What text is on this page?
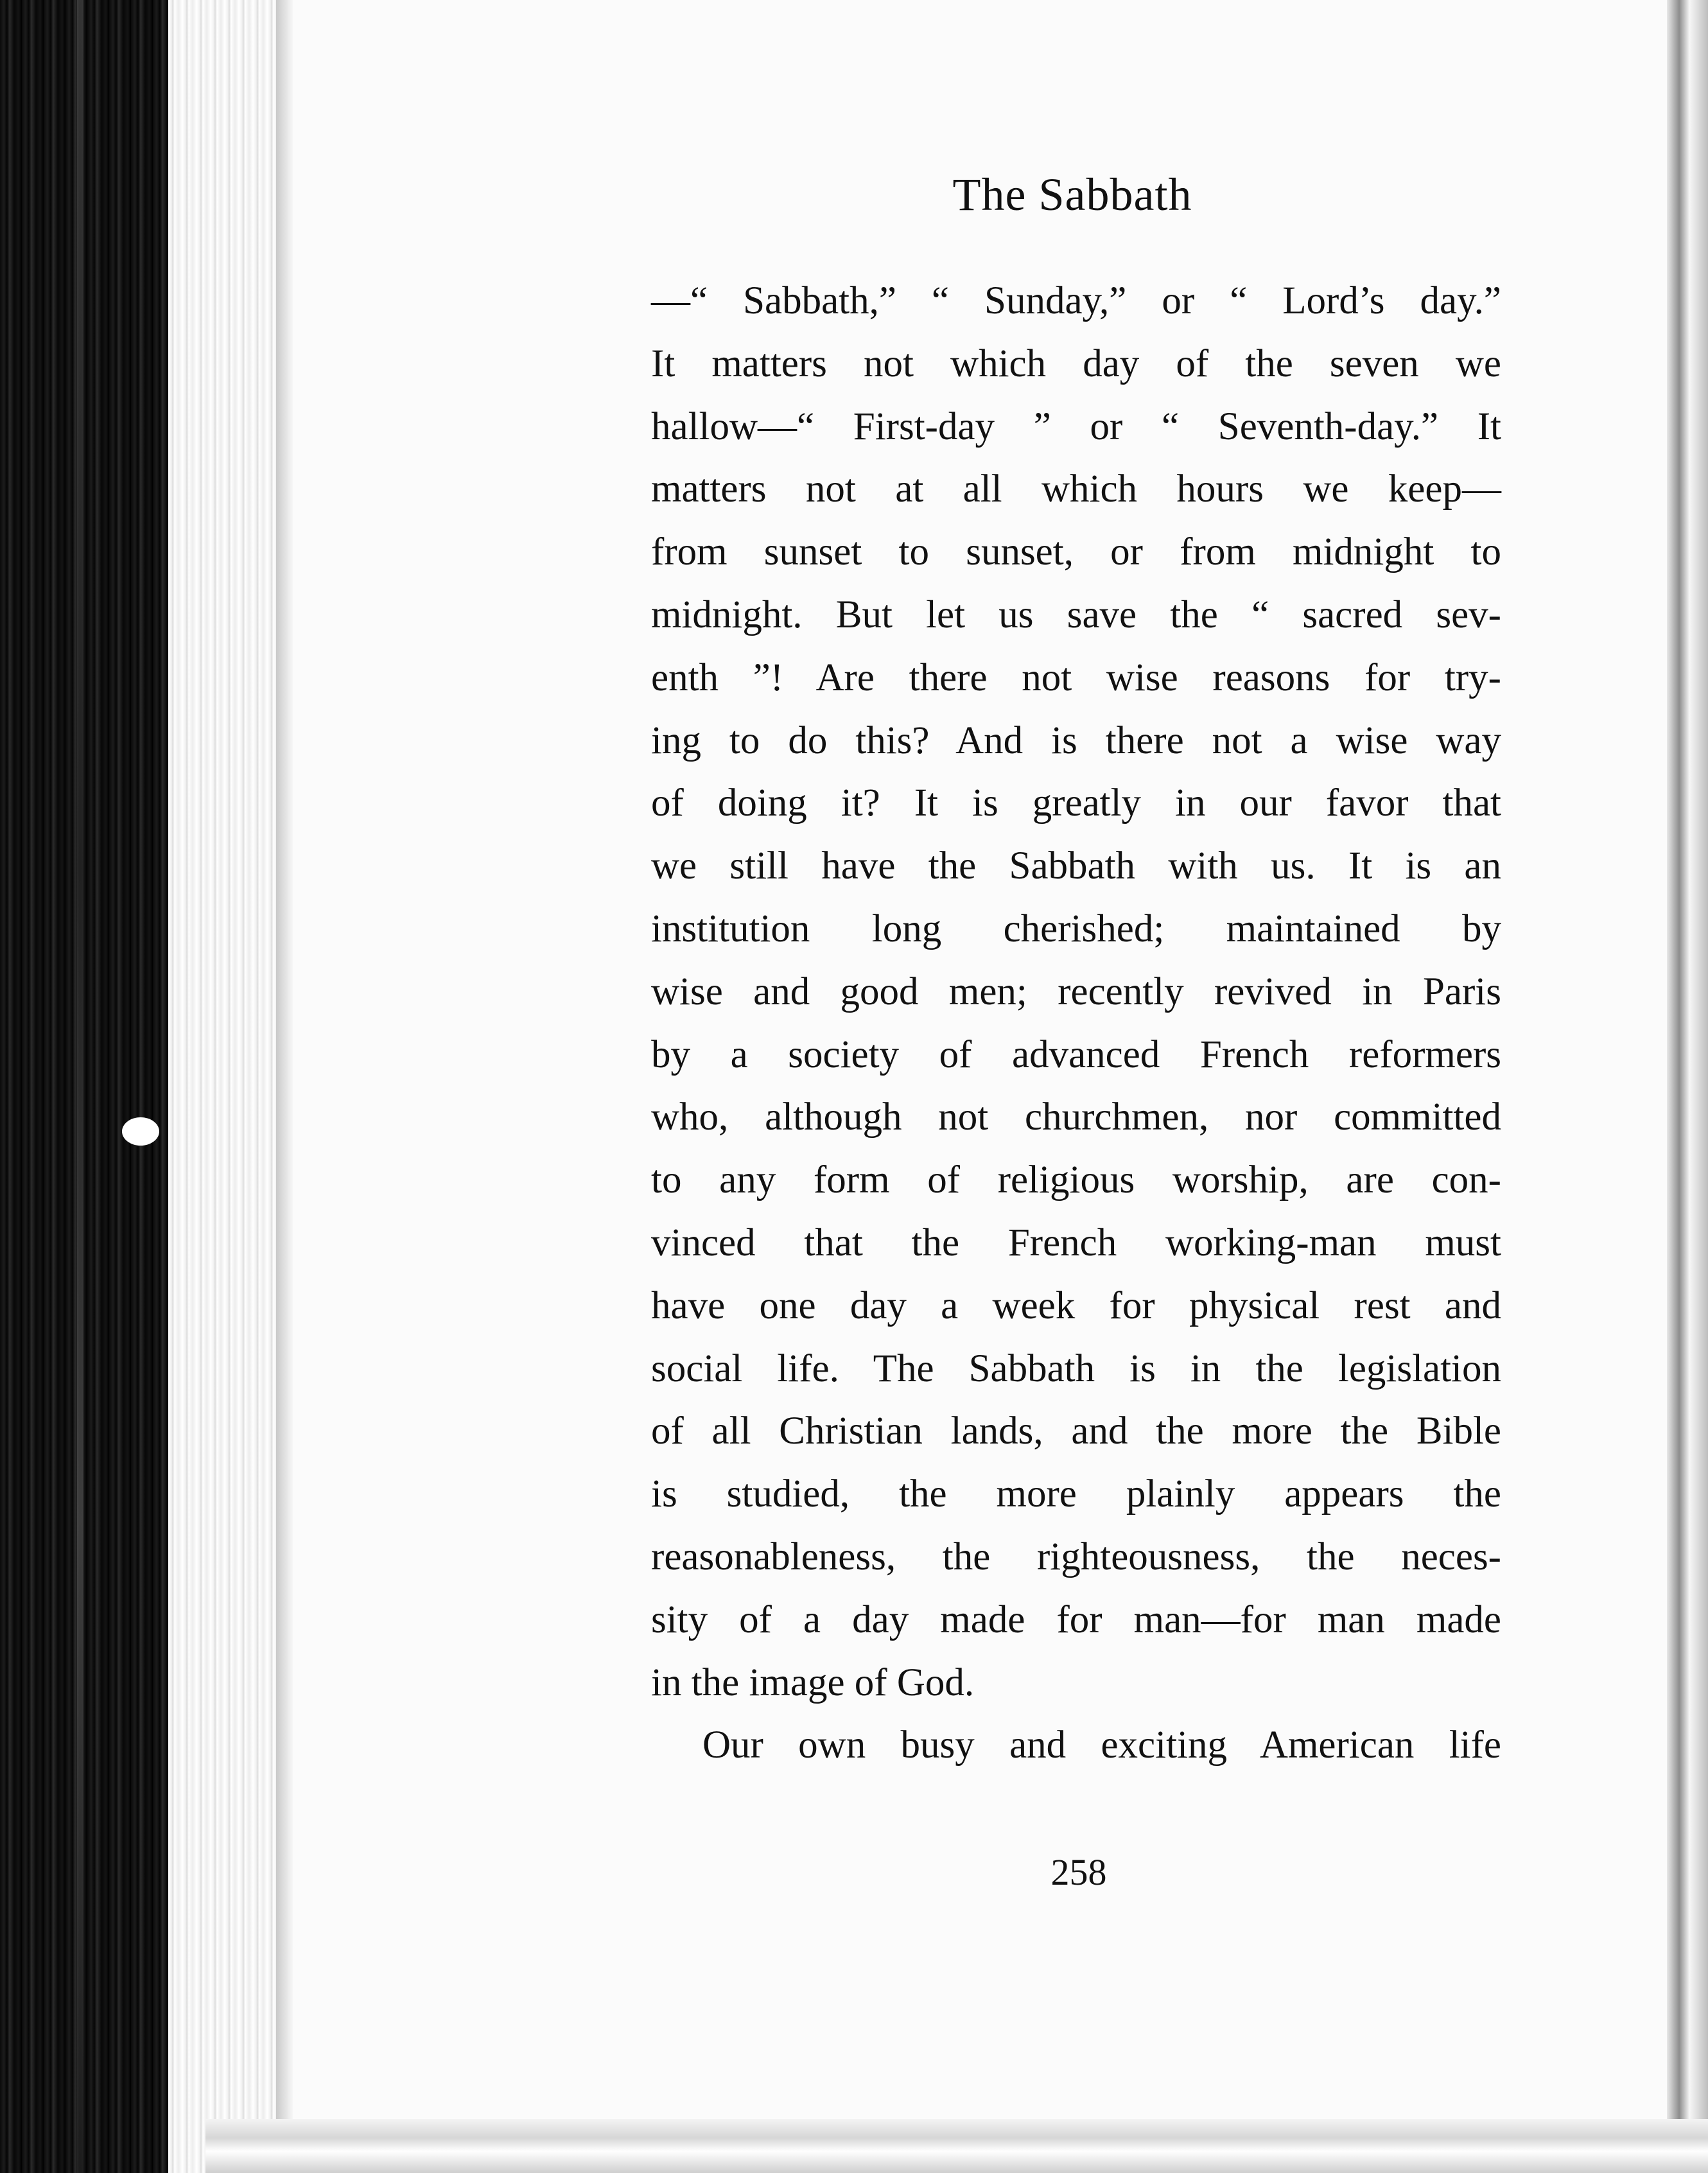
The Sabbath
—“ Sabbath,” “ Sunday,” or “ Lord’s day.”
It matters not which day of the seven we
hallow—“ First-day ” or “ Seventh-day.” It
matters not at all which hours we keep—
from sunset to sunset, or from midnight to
midnight. But let us save the “ sacred sev-
enth ”! Are there not wise reasons for try-
ing to do this? And is there not a wise way
of doing it? It is greatly in our favor that
we still have the Sabbath with us. It is an
institution long cherished; maintained by
wise and good men; recently revived in Paris
by a society of advanced French reformers
who, although not churchmen, nor committed
to any form of religious worship, are con-
vinced that the French working-man must
have one day a week for physical rest and
social life. The Sabbath is in the legislation
of all Christian lands, and the more the Bible
is studied, the more plainly appears the
reasonableness, the righteousness, the neces-
sity of a day made for man—for man made
in the image of God.
Our own busy and exciting American life
258
